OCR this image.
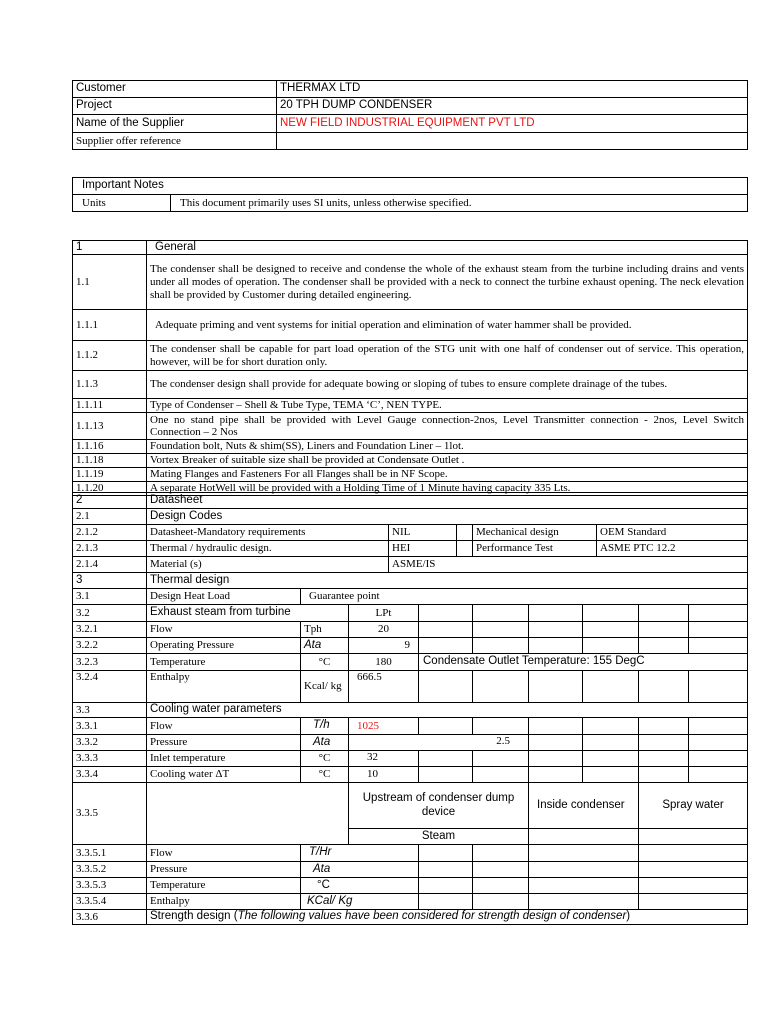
Customer	THERMAX LTD
Project	20 TPH DUMP CONDENSER
Name of the Supplier	NEW FIELD INDUSTRIAL EQUIPMENT PVT LTD
Supplier offer reference	
Important Notes
Units	This document primarily uses SI units, unless otherwise specified.
1	General
1.1	The condenser shall be designed to receive and condense the whole of the exhaust steam from the turbine including drains and vents under all modes of operation. The condenser shall be provided with a neck to connect the turbine exhaust opening. The neck elevation shall be provided by Customer during detailed engineering.
1.1.1	Adequate priming and vent systems for initial operation and elimination of water hammer shall be provided.
1.1.2	The condenser shall be capable for part load operation of the STG unit with one half of condenser out of service. This operation, however, will be for short duration only.
1.1.3	The condenser design shall provide for adequate bowing or sloping of tubes to ensure complete drainage of the tubes.
1.1.11	Type of Condenser – Shell & Tube Type, TEMA ‘C’, NEN TYPE.
1.1.13	One no stand pipe shall be provided with Level Gauge connection-2nos, Level Transmitter connection - 2nos, Level Switch Connection – 2 Nos
1.1.16	Foundation bolt, Nuts & shim(SS), Liners and Foundation Liner – 1lot.
1.1.18	Vortex Breaker of suitable size shall be provided at Condensate Outlet .
1.1.19	Mating Flanges and Fasteners For all Flanges shall be in NF Scope.
1.1.20	A separate HotWell will be provided with a Holding Time of 1 Minute having capacity 335 Lts.
2	Datasheet				
2.1	Design Codes				
2.1.2	Datasheet-Mandatory requirements	NIL		Mechanical design	OEM Standard
2.1.3	Thermal / hydraulic design.	HEI		Performance Test	ASME PTC 12.2
2.1.4	Material (s)	ASME/IS			
3	Thermal design								
3.1	Design Heat Load	Guarantee point							
3.2	Exhaust steam from turbine		LPt						
3.2.1	Flow	Tph	20						
3.2.2	Operating Pressure	Ata	9						
3.2.3	Temperature	°C	180	Condensate Outlet Temperature: 155 DegC					
3.2.4	Enthalpy	Kcal/ kg	666.5						
3.3	Cooling water parameters								
3.3.1	Flow	T/h	1025						
3.3.2	Pressure	Ata	2.5						
3.3.3	Inlet temperature	°C	32						
3.3.4	Cooling water ΔT	°C	10						
3.3.5			Upstream of condenser dump device			Inside condenser		Spray water	
			Steam						
3.3.5.1	Flow	T/Hr							
3.3.5.2	Pressure	Ata							
3.3.5.3	Temperature	°C							
3.3.5.4	Enthalpy	KCal/ Kg							
3.3.6	Strength design (The following values have been considered for strength design of condenser)								
